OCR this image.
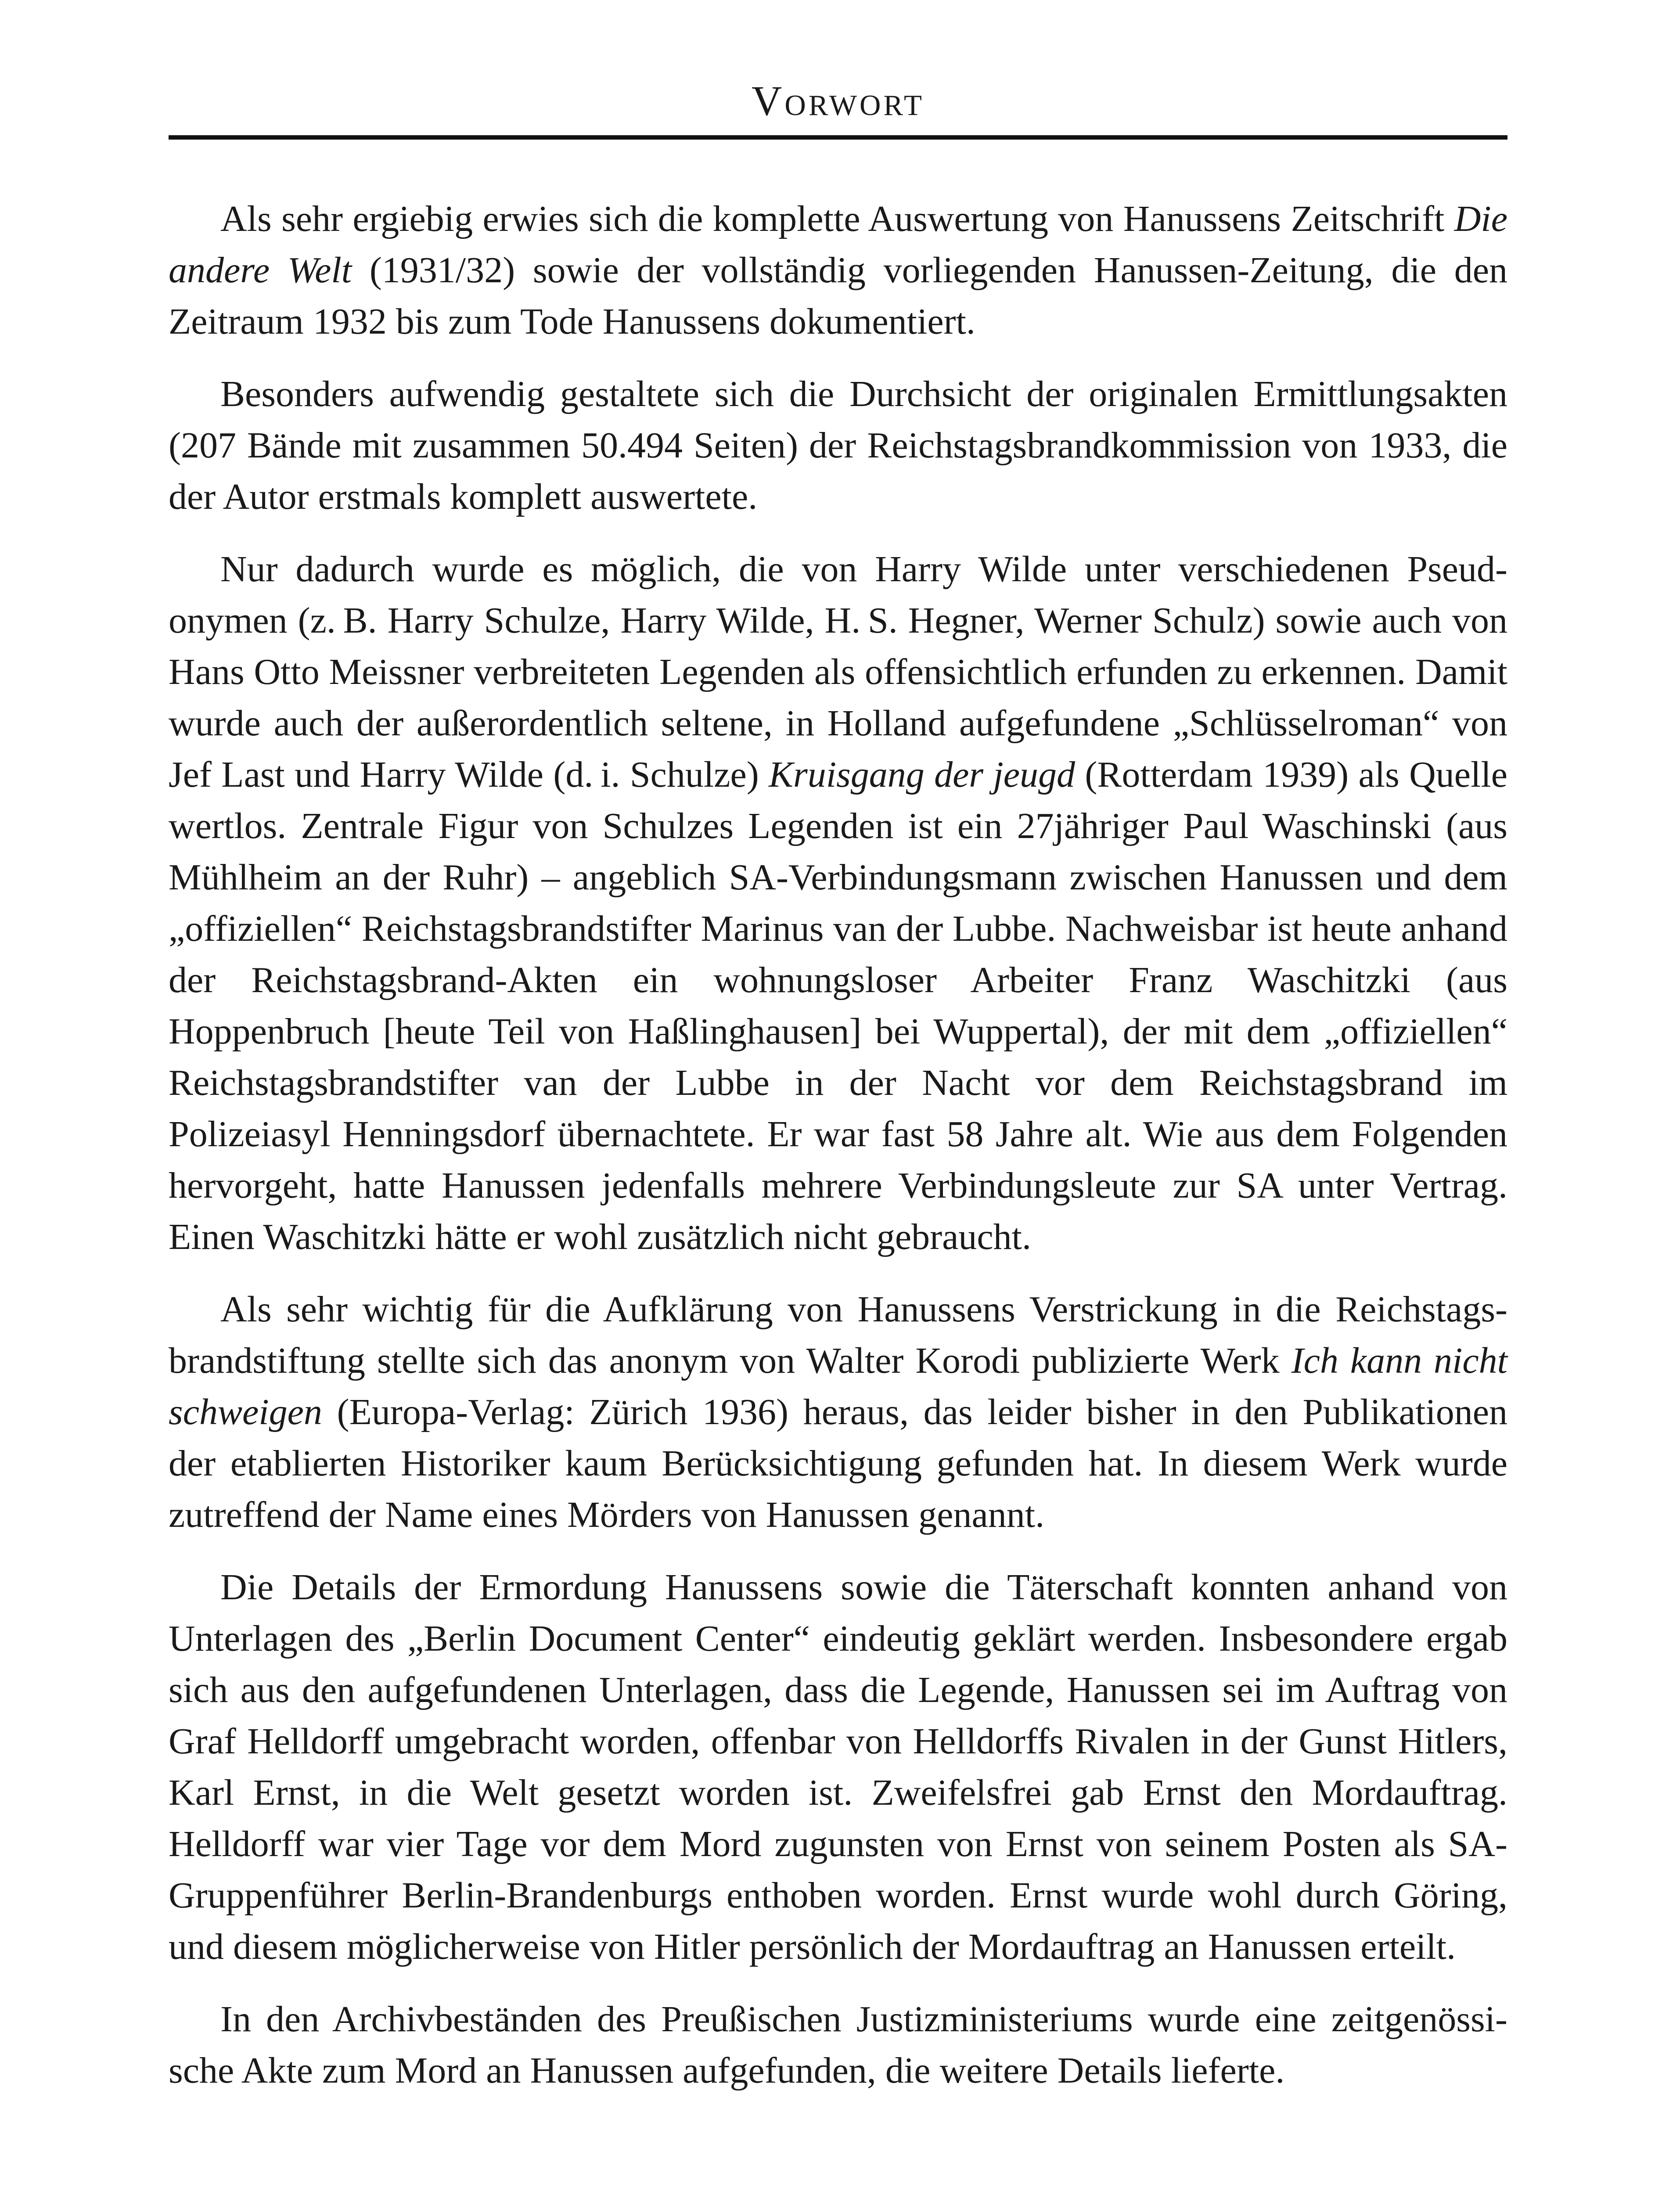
Vorwort

Als sehr ergiebig erwies sich die komplette Auswertung von Hanussens Zeitschrift Die andere Welt (1931/32) sowie der vollständig vorliegenden Hanussen-Zeitung, die den Zeitraum 1932 bis zum Tode Hanussens dokumentiert.

Besonders aufwendig gestaltete sich die Durchsicht der originalen Ermittlungsakten (207 Bände mit zusammen 50.494 Seiten) der Reichstagsbrandkommission von 1933, die der Autor erstmals komplett auswertete.

Nur dadurch wurde es möglich, die von Harry Wilde unter verschiedenen Pseudonymen (z. B. Harry Schulze, Harry Wilde, H. S. Hegner, Werner Schulz) sowie auch von Hans Otto Meissner verbreiteten Legenden als offensichtlich erfunden zu erkennen. Damit wurde auch der außerordentlich seltene, in Holland aufgefundene „Schlüsselroman“ von Jef Last und Harry Wilde (d. i. Schulze) Kruisgang der jeugd (Rotterdam 1939) als Quelle wertlos. Zentrale Figur von Schulzes Legenden ist ein 27jähriger Paul Waschinski (aus Mühlheim an der Ruhr) – angeblich SA-Verbindungsmann zwischen Hanussen und dem „offiziellen“ Reichstagsbrandstifter Marinus van der Lubbe. Nachweisbar ist heute anhand der Reichstagsbrand-Akten ein wohnungsloser Arbeiter Franz Waschitzki (aus Hoppenbruch [heute Teil von Haßlinghausen] bei Wuppertal), der mit dem „offiziellen“ Reichstagsbrandstifter van der Lubbe in der Nacht vor dem Reichstagsbrand im Polizeiasyl Henningsdorf übernachtete. Er war fast 58 Jahre alt. Wie aus dem Folgenden hervorgeht, hatte Hanussen jedenfalls mehrere Verbindungsleute zur SA unter Vertrag. Einen Waschitzki hätte er wohl zusätzlich nicht gebraucht.

Als sehr wichtig für die Aufklärung von Hanussens Verstrickung in die Reichstagsbrandstiftung stellte sich das anonym von Walter Korodi publizierte Werk Ich kann nicht schweigen (Europa-Verlag: Zürich 1936) heraus, das leider bisher in den Publikationen der etablierten Historiker kaum Berücksichtigung gefunden hat. In diesem Werk wurde zutreffend der Name eines Mörders von Hanussen genannt.

Die Details der Ermordung Hanussens sowie die Täterschaft konnten anhand von Unterlagen des „Berlin Document Center“ eindeutig geklärt werden. Insbesondere ergab sich aus den aufgefundenen Unterlagen, dass die Legende, Hanussen sei im Auftrag von Graf Helldorff umgebracht worden, offenbar von Helldorffs Rivalen in der Gunst Hitlers, Karl Ernst, in die Welt gesetzt worden ist. Zweifelsfrei gab Ernst den Mordauftrag. Helldorff war vier Tage vor dem Mord zugunsten von Ernst von seinem Posten als SA-Gruppenführer Berlin-Brandenburgs enthoben worden. Ernst wurde wohl durch Göring, und diesem möglicherweise von Hitler persönlich der Mordauftrag an Hanussen erteilt.

In den Archivbeständen des Preußischen Justizministeriums wurde eine zeitgenössische Akte zum Mord an Hanussen aufgefunden, die weitere Details lieferte.
